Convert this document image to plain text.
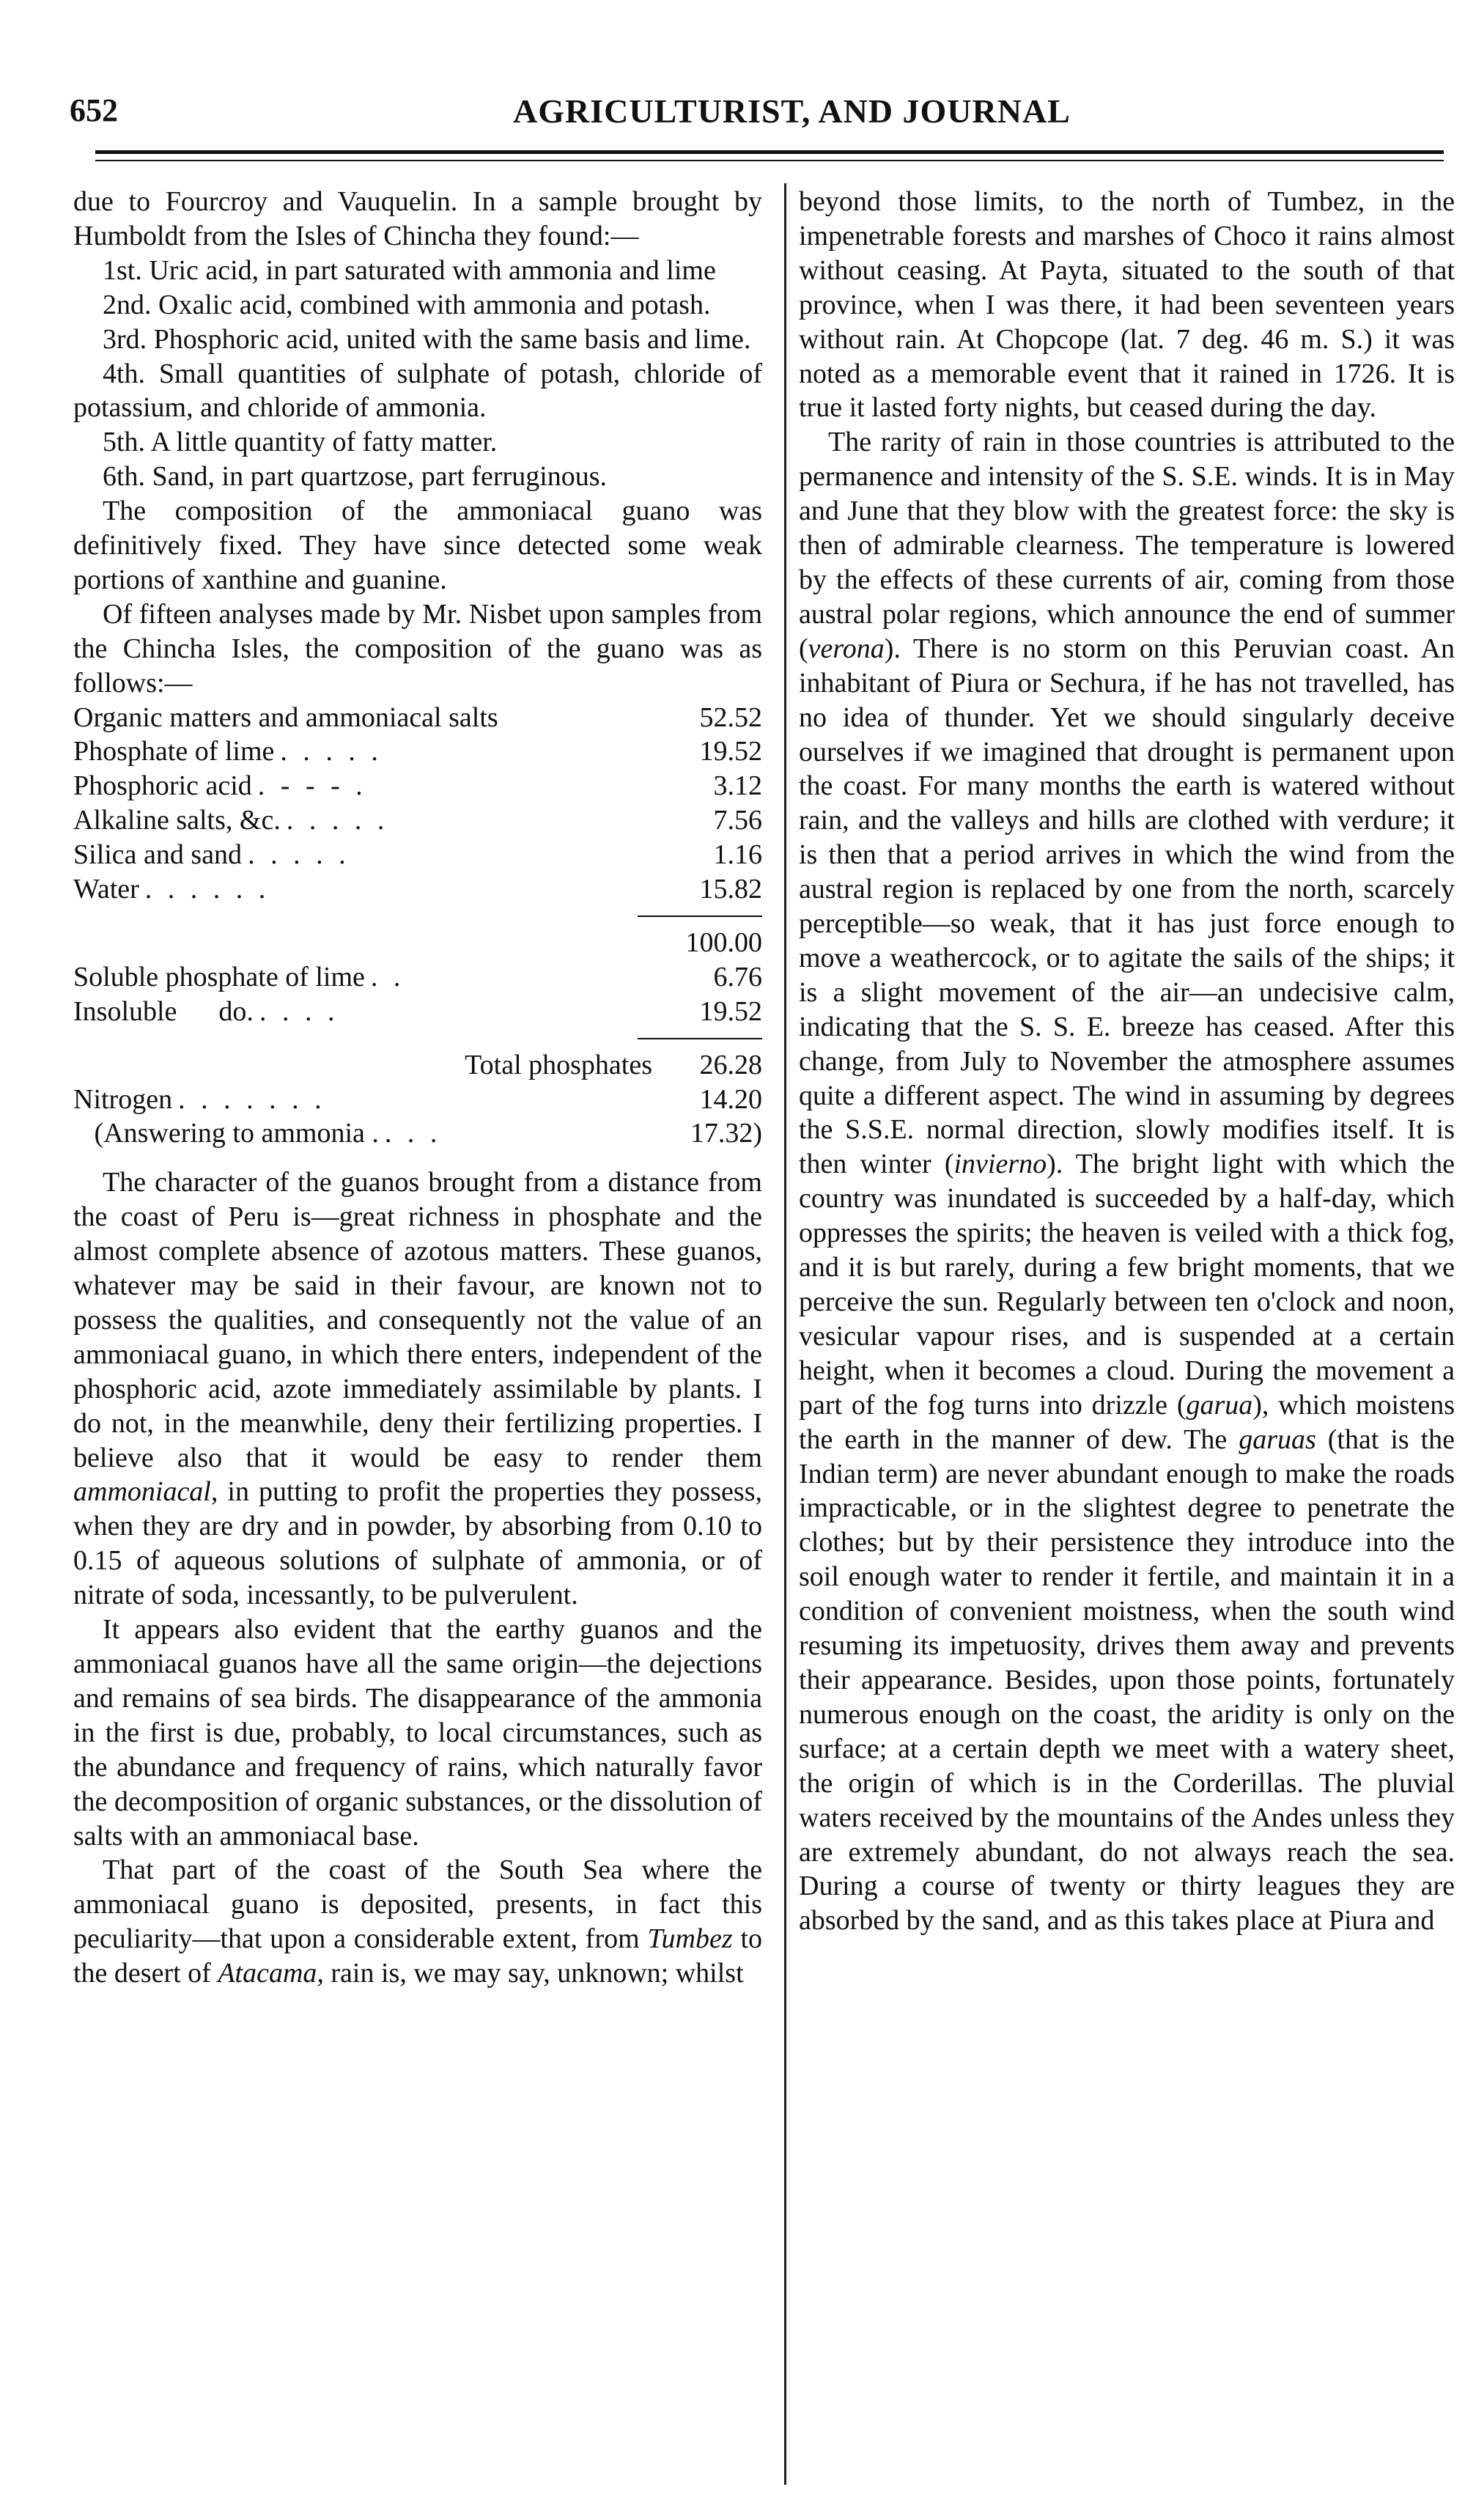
652	AGRICULTURIST, AND JOURNAL

due to Fourcroy and Vauquelin. In a sample brought by Humboldt from the Isles of Chincha they found:—

1st. Uric acid, in part saturated with ammonia and lime

2nd. Oxalic acid, combined with ammonia and potash.

3rd. Phosphoric acid, united with the same basis and lime.

4th. Small quantities of sulphate of potash, chloride of potassium, and chloride of ammonia.

5th. A little quantity of fatty matter.

6th. Sand, in part quartzose, part ferruginous.

The composition of the ammoniacal guano was definitively fixed. They have since detected some weak portions of xanthine and guanine.

Of fifteen analyses made by Mr. Nisbet upon samples from the Chincha Isles, the composition of the guano was as follows:—

Organic matters and ammoniacal salts	52.52
Phosphate of lime . . . . .	19.52
Phosphoric acid . - - - .	3.12
Alkaline salts, &c. . . . . .	7.56
Silica and sand . . . . .	1.16
Water . . . . . .	15.82
100.00
Soluble phosphate of lime . .	6.76
Insoluble      do. . . . .	19.52
Total phosphates	26.28
Nitrogen . . . . . . .	14.20
(Answering to ammonia . . . .	17.32)

The character of the guanos brought from a distance from the coast of Peru is—great richness in phosphate and the almost complete absence of azotous matters. These guanos, whatever may be said in their favour, are known not to possess the qualities, and consequently not the value of an ammoniacal guano, in which there enters, independent of the phosphoric acid, azote immediately assimilable by plants. I do not, in the meanwhile, deny their fertilizing properties. I believe also that it would be easy to render them ammoniacal, in putting to profit the properties they possess, when they are dry and in powder, by absorbing from 0.10 to 0.15 of aqueous solutions of sulphate of ammonia, or of nitrate of soda, incessantly, to be pulverulent.

It appears also evident that the earthy guanos and the ammoniacal guanos have all the same origin—the dejections and remains of sea birds. The disappearance of the ammonia in the first is due, probably, to local circumstances, such as the abundance and frequency of rains, which naturally favor the decomposition of organic substances, or the dissolution of salts with an ammoniacal base.

That part of the coast of the South Sea where the ammoniacal guano is deposited, presents, in fact this peculiarity—that upon a considerable extent, from Tumbez to the desert of Atacama, rain is, we may say, unknown; whilst

beyond those limits, to the north of Tumbez, in the impenetrable forests and marshes of Choco it rains almost without ceasing. At Payta, situated to the south of that province, when I was there, it had been seventeen years without rain. At Chopcope (lat. 7 deg. 46 m. S.) it was noted as a memorable event that it rained in 1726. It is true it lasted forty nights, but ceased during the day.

The rarity of rain in those countries is attributed to the permanence and intensity of the S. S.E. winds. It is in May and June that they blow with the greatest force: the sky is then of admirable clearness. The temperature is lowered by the effects of these currents of air, coming from those austral polar regions, which announce the end of summer (verona). There is no storm on this Peruvian coast. An inhabitant of Piura or Sechura, if he has not travelled, has no idea of thunder. Yet we should singularly deceive ourselves if we imagined that drought is permanent upon the coast. For many months the earth is watered without rain, and the valleys and hills are clothed with verdure; it is then that a period arrives in which the wind from the austral region is replaced by one from the north, scarcely perceptible—so weak, that it has just force enough to move a weathercock, or to agitate the sails of the ships; it is a slight movement of the air—an undecisive calm, indicating that the S. S. E. breeze has ceased. After this change, from July to November the atmosphere assumes quite a different aspect. The wind in assuming by degrees the S.S.E. normal direction, slowly modifies itself. It is then winter (invierno). The bright light with which the country was inundated is succeeded by a half-day, which oppresses the spirits; the heaven is veiled with a thick fog, and it is but rarely, during a few bright moments, that we perceive the sun. Regularly between ten o'clock and noon, vesicular vapour rises, and is suspended at a certain height, when it becomes a cloud. During the movement a part of the fog turns into drizzle (garua), which moistens the earth in the manner of dew. The garuas (that is the Indian term) are never abundant enough to make the roads impracticable, or in the slightest degree to penetrate the clothes; but by their persistence they introduce into the soil enough water to render it fertile, and maintain it in a condition of convenient moistness, when the south wind resuming its impetuosity, drives them away and prevents their appearance. Besides, upon those points, fortunately numerous enough on the coast, the aridity is only on the surface; at a certain depth we meet with a watery sheet, the origin of which is in the Corderillas. The pluvial waters received by the mountains of the Andes unless they are extremely abundant, do not always reach the sea. During a course of twenty or thirty leagues they are absorbed by the sand, and as this takes place at Piura and
